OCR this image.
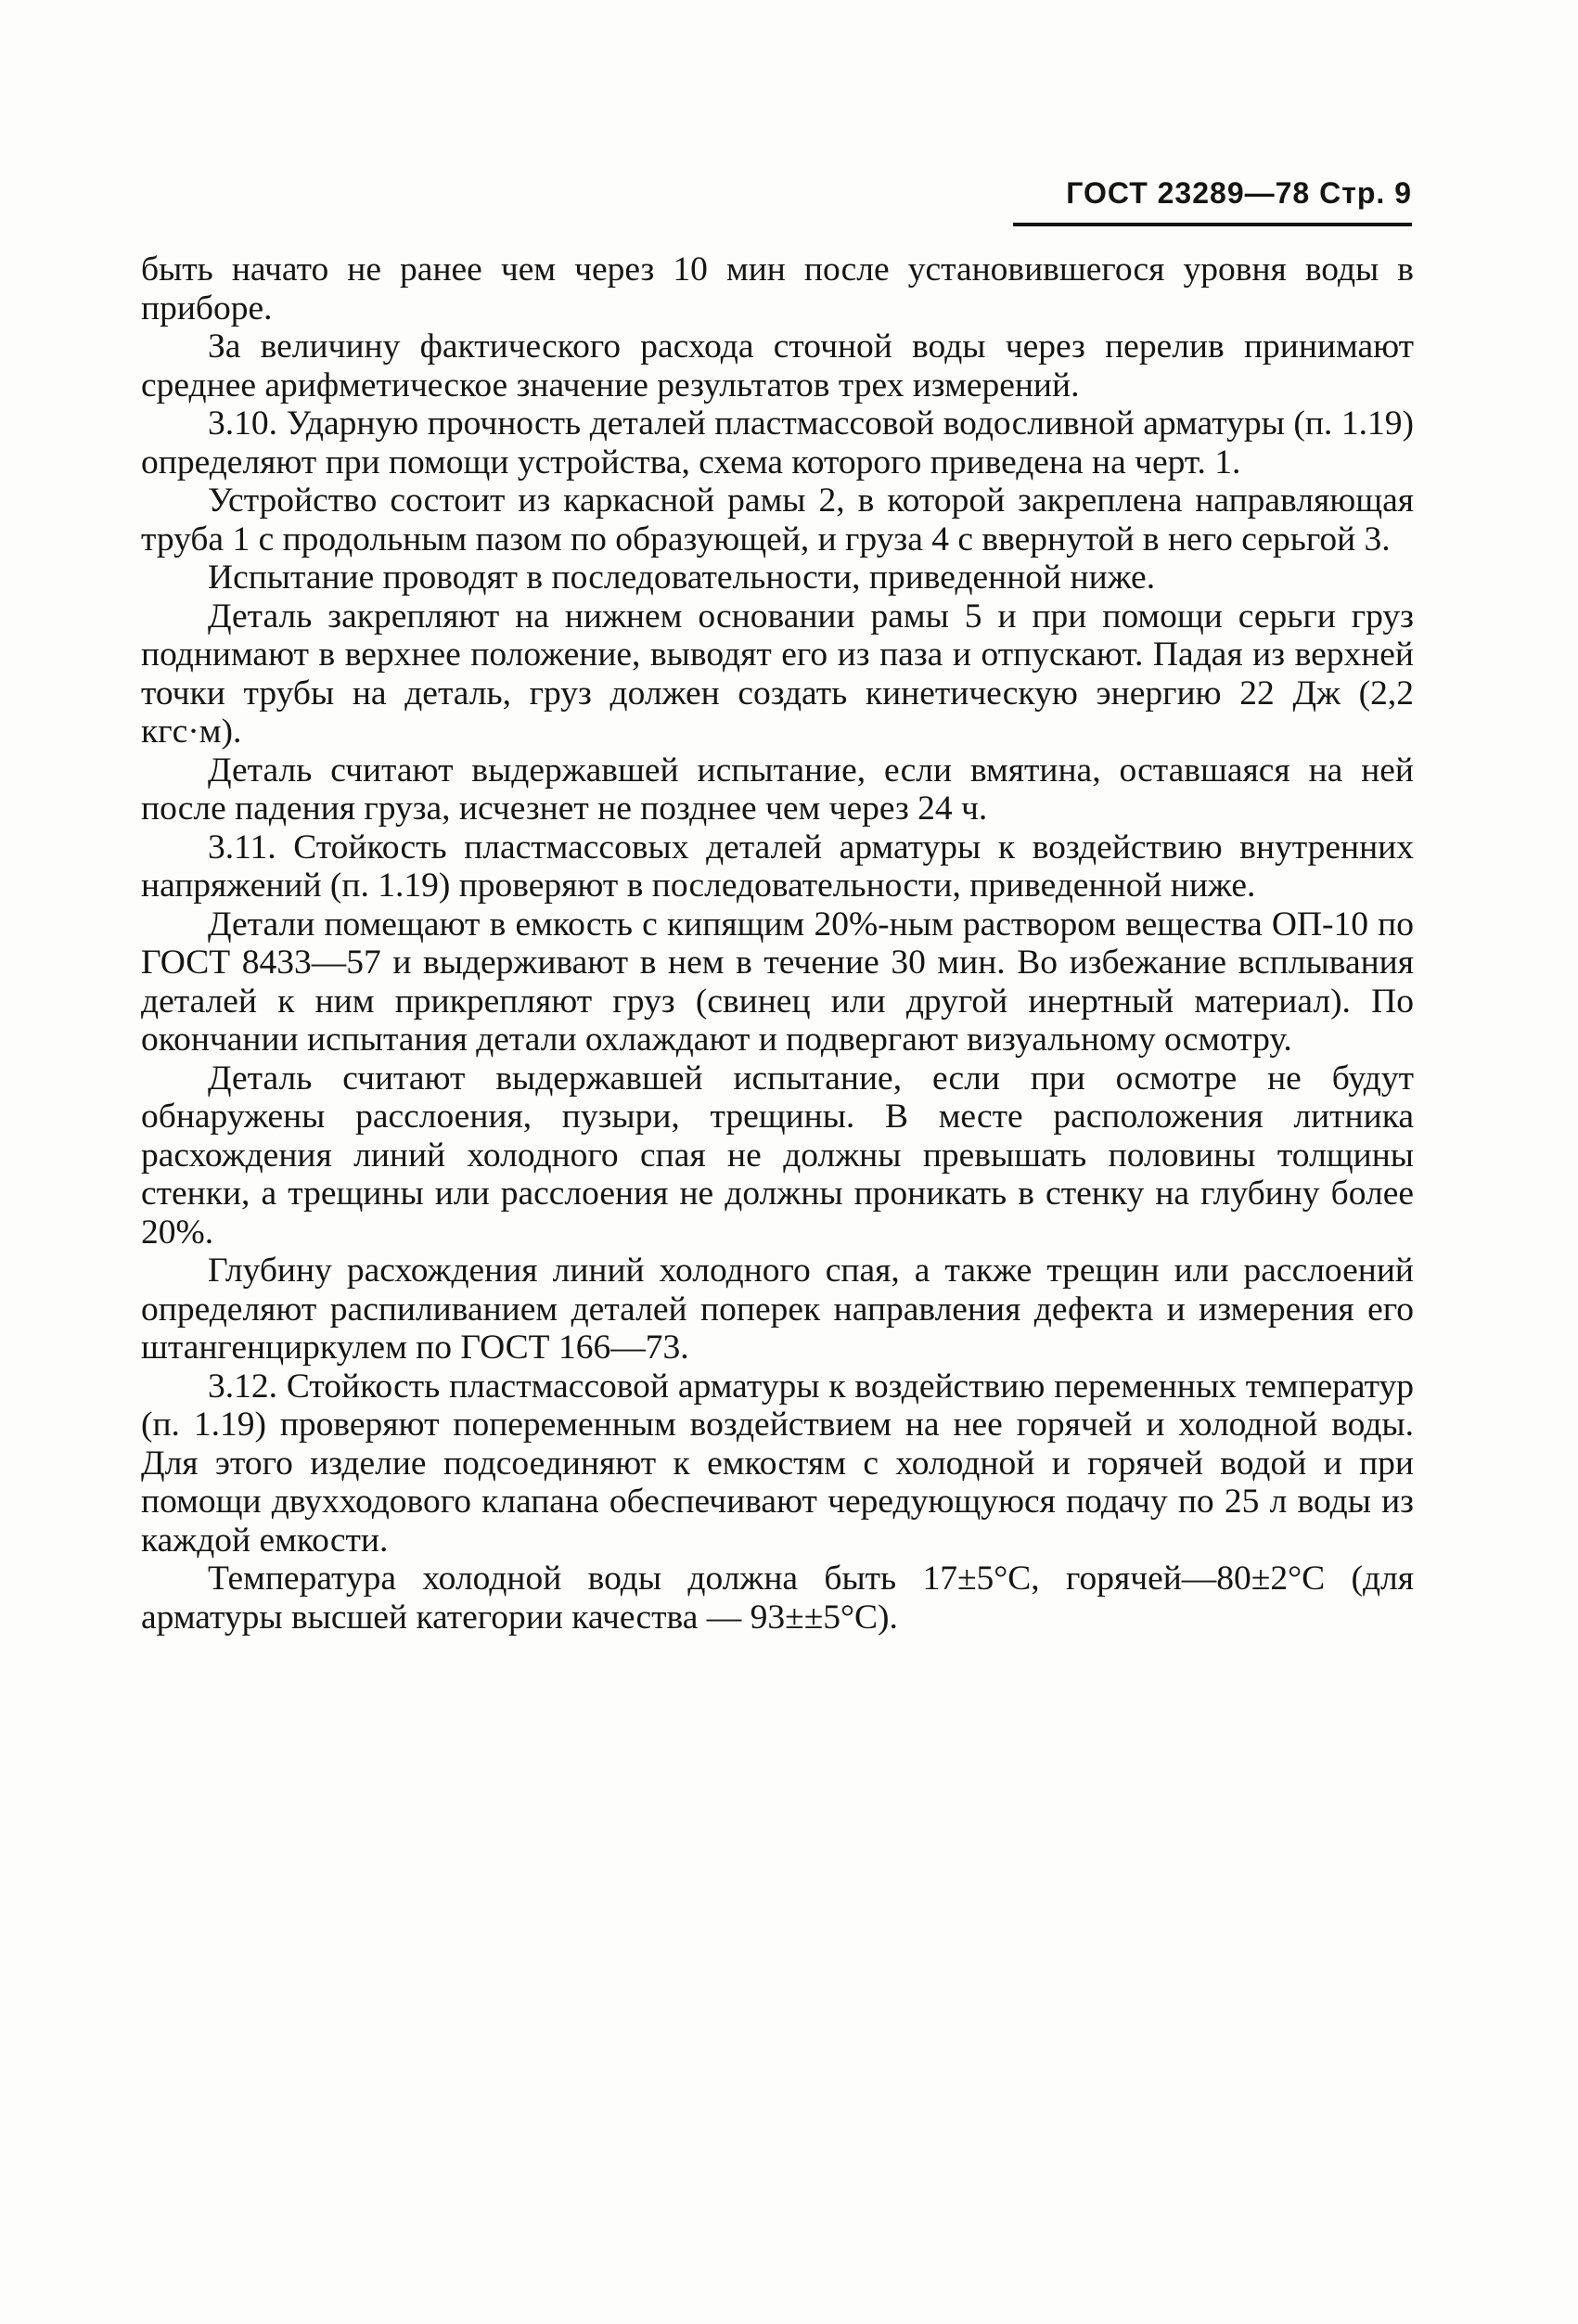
ГОСТ 23289—78 Стр. 9

быть начато не ранее чем через 10 мин после установившегося уровня воды в приборе.

За величину фактического расхода сточной воды через перелив принимают среднее арифметическое значение результатов трех измерений.

3.10. Ударную прочность деталей пластмассовой водосливной арматуры (п. 1.19) определяют при помощи устройства, схема которого приведена на черт. 1.

Устройство состоит из каркасной рамы 2, в которой закреплена направляющая труба 1 с продольным пазом по образующей, и груза 4 с ввернутой в него серьгой 3.

Испытание проводят в последовательности, приведенной ниже.

Деталь закрепляют на нижнем основании рамы 5 и при помощи серьги груз поднимают в верхнее положение, выводят его из паза и отпускают. Падая из верхней точки трубы на деталь, груз должен создать кинетическую энергию 22 Дж (2,2 кгс·м).

Деталь считают выдержавшей испытание, если вмятина, оставшаяся на ней после падения груза, исчезнет не позднее чем через 24 ч.

3.11. Стойкость пластмассовых деталей арматуры к воздействию внутренних напряжений (п. 1.19) проверяют в последовательности, приведенной ниже.

Детали помещают в емкость с кипящим 20%-ным раствором вещества ОП-10 по ГОСТ 8433—57 и выдерживают в нем в течение 30 мин. Во избежание всплывания деталей к ним прикрепляют груз (свинец или другой инертный материал). По окончании испытания детали охлаждают и подвергают визуальному осмотру.

Деталь считают выдержавшей испытание, если при осмотре не будут обнаружены расслоения, пузыри, трещины. В месте расположения литника расхождения линий холодного спая не должны превышать половины толщины стенки, а трещины или расслоения не должны проникать в стенку на глубину более 20%.

Глубину расхождения линий холодного спая, а также трещин или расслоений определяют распиливанием деталей поперек направления дефекта и измерения его штангенциркулем по ГОСТ 166—73.

3.12. Стойкость пластмассовой арматуры к воздействию переменных температур (п. 1.19) проверяют попеременным воздействием на нее горячей и холодной воды. Для этого изделие подсоединяют к емкостям с холодной и горячей водой и при помощи двухходового клапана обеспечивают чередующуюся подачу по 25 л воды из каждой емкости.

Температура холодной воды должна быть 17±5°С, горячей—80±2°С (для арматуры высшей категории качества — 93±±5°С).
